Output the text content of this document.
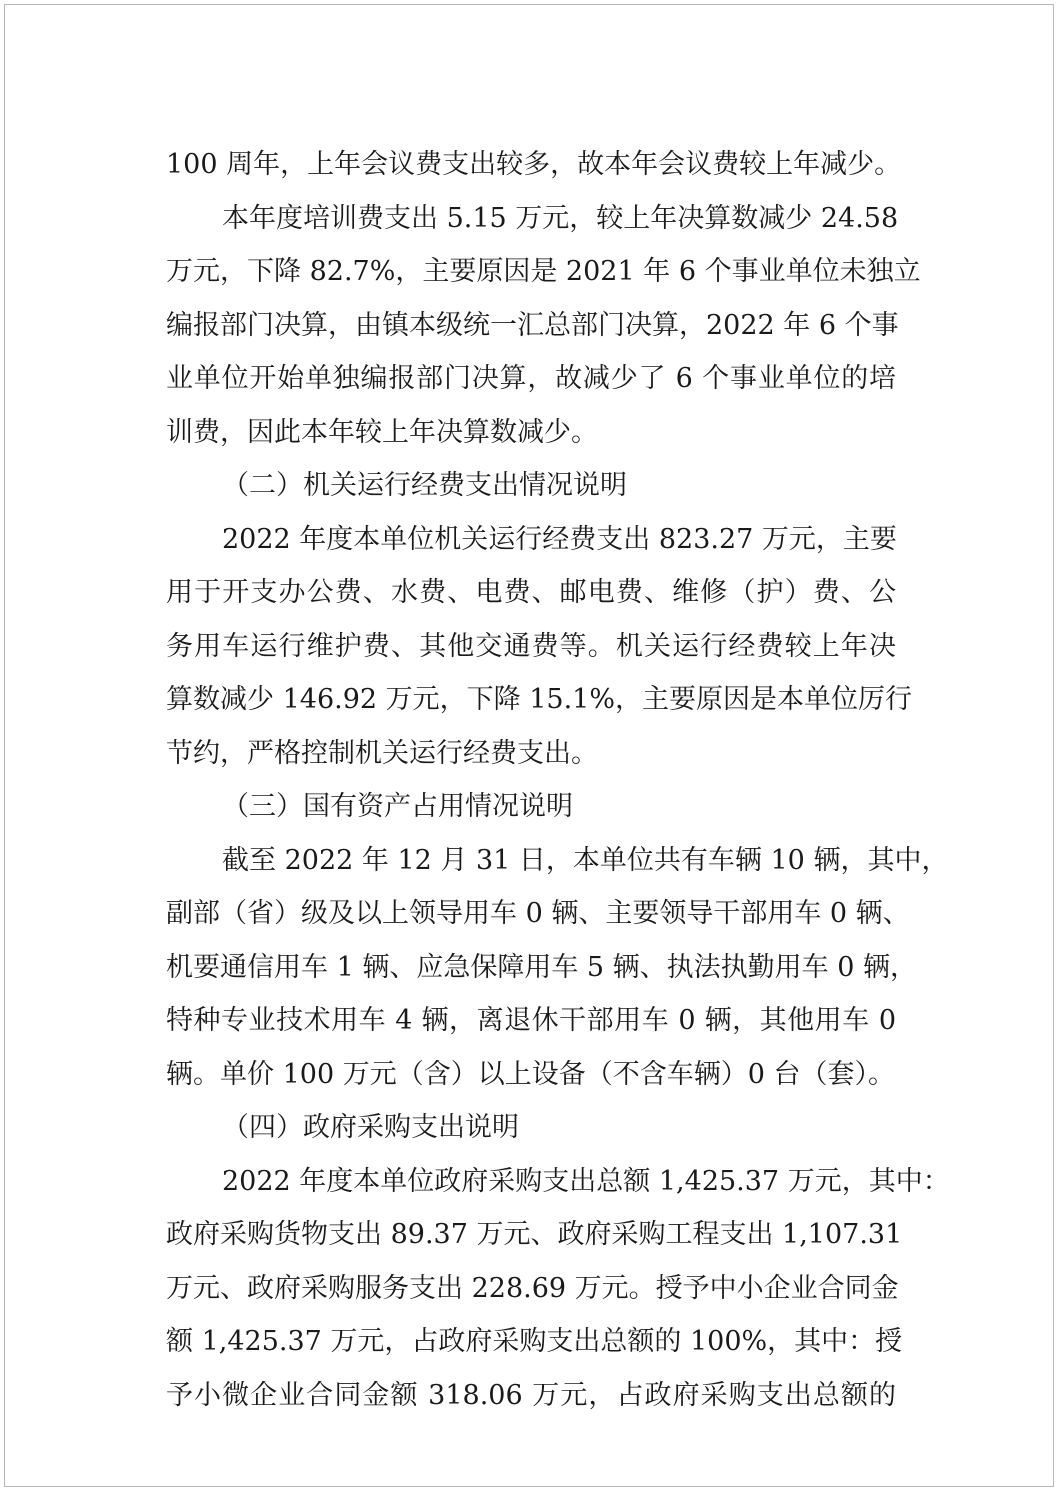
100 周年，上年会议费支出较多，故本年会议费较上年减少。
本年度培训费支出 5.15 万元，较上年决算数减少 24.58
万元，下降 82.7%，主要原因是 2021 年 6 个事业单位未独立
编报部门决算，由镇本级统一汇总部门决算，2022 年 6 个事
业单位开始单独编报部门决算，故减少了 6 个事业单位的培
训费，因此本年较上年决算数减少。
（二）机关运行经费支出情况说明
2022 年度本单位机关运行经费支出 823.27 万元，主要
用于开支办公费、水费、电费、邮电费、维修（护）费、公
务用车运行维护费、其他交通费等。机关运行经费较上年决
算数减少 146.92 万元，下降 15.1%，主要原因是本单位厉行
节约，严格控制机关运行经费支出。
（三）国有资产占用情况说明
截至 2022 年 12 月 31 日，本单位共有车辆 10 辆，其中，
副部（省）级及以上领导用车 0 辆、主要领导干部用车 0 辆、
机要通信用车 1 辆、应急保障用车 5 辆、执法执勤用车 0 辆，
特种专业技术用车 4 辆，离退休干部用车 0 辆，其他用车 0
辆。单价 100 万元（含）以上设备（不含车辆）0 台（套）。
（四）政府采购支出说明
2022 年度本单位政府采购支出总额 1,425.37 万元，其中：
政府采购货物支出 89.37 万元、政府采购工程支出 1,107.31
万元、政府采购服务支出 228.69 万元。授予中小企业合同金
额 1,425.37 万元，占政府采购支出总额的 100%，其中：授
予小微企业合同金额 318.06 万元，占政府采购支出总额的
